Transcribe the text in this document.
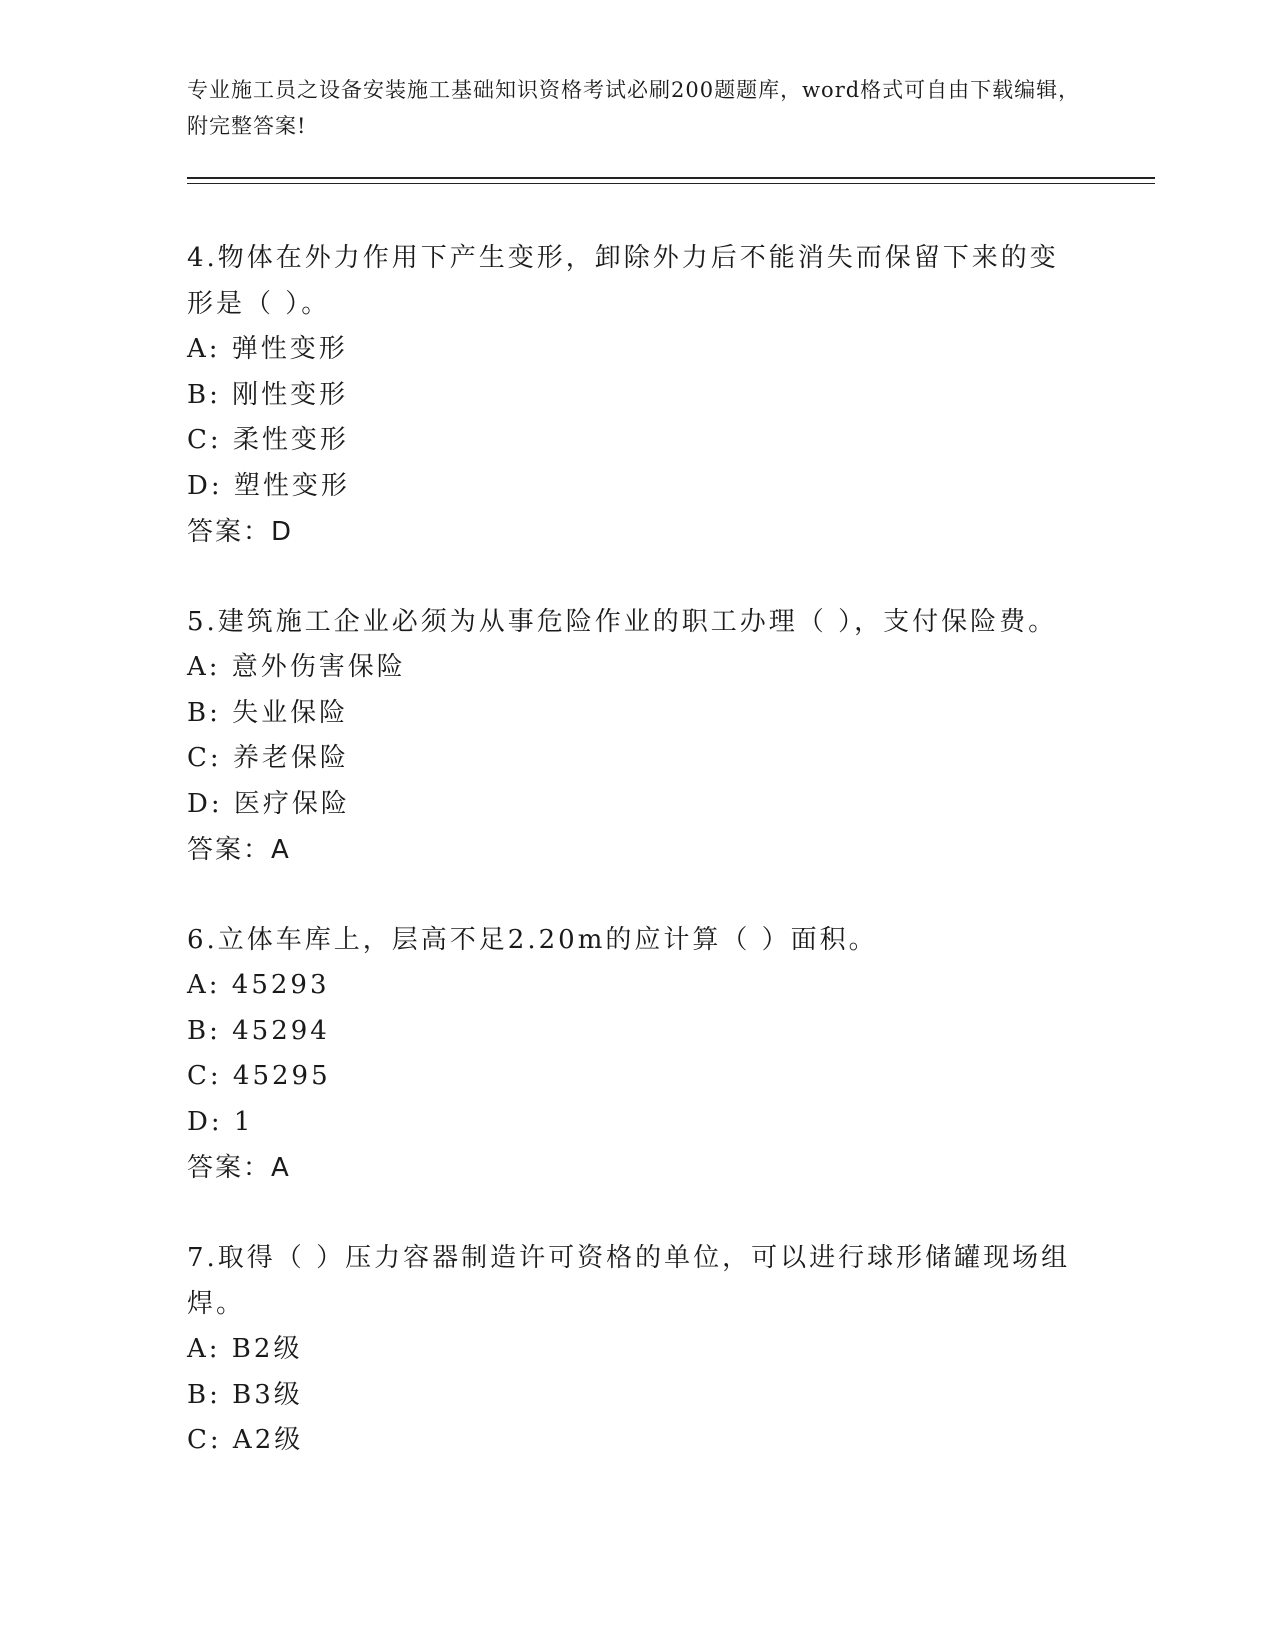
专业施工员之设备安装施工基础知识资格考试必刷200题题库，word格式可自由下载编辑，附完整答案!

4.物体在外力作用下产生变形，卸除外力后不能消失而保留下来的变形是（ ）。

A: 弹性变形
B: 刚性变形
C: 柔性变形
D: 塑性变形
答案：D

5.建筑施工企业必须为从事危险作业的职工办理（ ），支付保险费。

A: 意外伤害保险
B: 失业保险
C: 养老保险
D: 医疗保险
答案：A

6.立体车库上，层高不足2.20m的应计算（ ）面积。

A: 45293
B: 45294
C: 45295
D: 1
答案：A

7.取得（ ）压力容器制造许可资格的单位，可以进行球形储罐现场组焊。

A: B2级
B: B3级
C: A2级
